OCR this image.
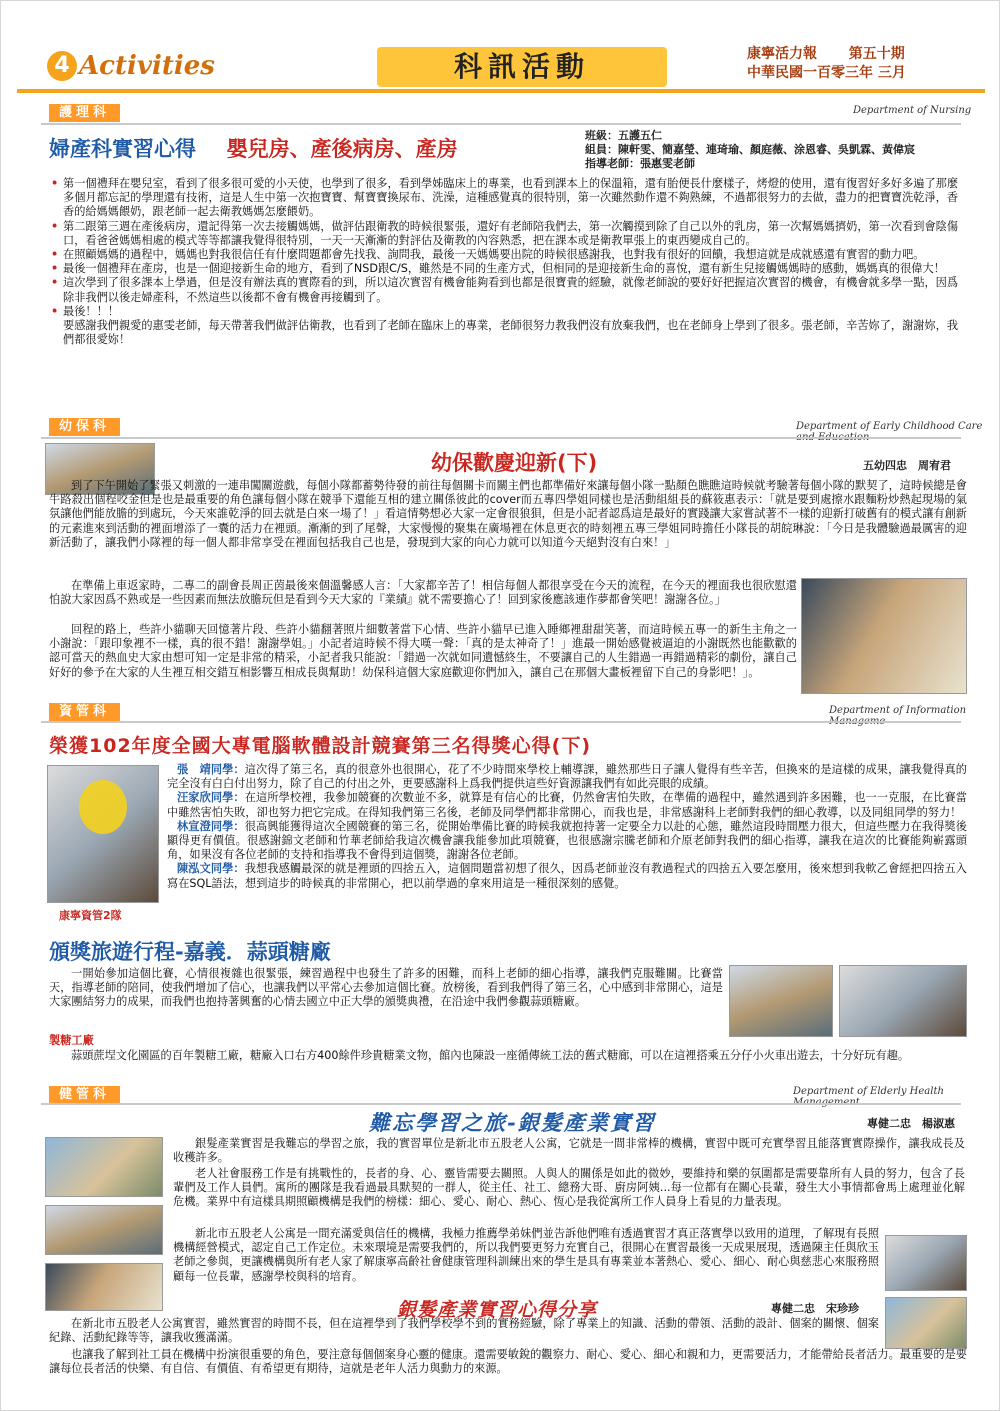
4 Activities	科訊活動	康寧活力報 第五十期
中華民國一百零三年 三月
護理科	Department of Nursing
婦產科實習心得 嬰兒房、產後病房、產房
班級：五護五仁
組員：陳軒雯、簡嘉瑩、連琦瑜、顏庭薇、涂恩睿、吳凱霖、黃偉宸
指導老師：張惠雯老師
• 第一個禮拜在嬰兒室，看到了很多很可愛的小天使，也學到了很多，看到學姊臨床上的專業，也看到課本上的保溫箱，還有胎便長什麼樣子，烤燈的使用，還有復習好多好多遍了那麼多個月都忘記的學理還有技術，這是人生中第一次抱寶寶、幫寶寶換尿布、洗澡，這種感覺真的很特別，第一次雖然動作還不夠熟練，不過都很努力的去做，盡力的把寶寶洗乾淨，香香的給媽媽餵奶，跟老師一起去衛教媽媽怎麼餵奶。
• 第二跟第三週在產後病房，還記得第一次去接觸媽媽，做評估跟衛教的時候很緊張，還好有老師陪我們去，第一次觸摸到除了自己以外的乳房，第一次幫媽媽擠奶，第一次看到會陰傷口，看爸爸媽媽相處的模式等等都讓我覺得很特別，一天一天漸漸的對評估及衛教的內容熟悉，把在課本或是衛教單張上的東西變成自己的。
• 在照顧媽媽的過程中，媽媽也對我很信任有什麼問題都會先找我、詢問我，最後一天媽媽要出院的時候很感謝我，也對我有很好的回饋，我想這就是成就感還有實習的動力吧。
• 最後一個禮拜在產房，也是一個迎接新生命的地方，看到了NSD跟C/S，雖然是不同的生產方式，但相同的是迎接新生命的喜悅，還有新生兒接觸媽媽時的感動，媽媽真的很偉大！
• 這次學到了很多課本上學過，但是沒有辦法真的實際看的到，所以這次實習有機會能夠看到也都是很寶貴的經驗，就像老師說的要好好把握這次實習的機會，有機會就多學一點，因爲除非我們以後走婦產科，不然這些以後都不會有機會再接觸到了。
• 最後！！！
要感謝我們親愛的惠雯老師，每天帶著我們做評估衛教，也看到了老師在臨床上的專業，老師很努力教我們沒有放棄我們，也在老師身上學到了很多。張老師，辛苦妳了，謝謝妳，我們都很愛妳！
幼保科	Department of Early Childhood Care
幼保歡慶迎新(下)	五幼四忠　周宥君
到了下午開始了緊張又刺激的一連串闖關遊戲，每個小隊都蓄勢待發的前往每個關卡而關主們也都準備好來讓每個小隊一點顏色瞧瞧這時候就考驗著每個小隊的默契了，這時候總是會牛路殺出個程咬金但是也是最重要的角色讓每個小隊在競爭下還能互相的建立關係彼此的cover而五專四學姐同樣也是活動組組長的蘇筱惠表示：「就是要到處擦水跟麵粉炒熱起現場的氣氛讓他們能放膽的到處玩，今天來誰乾淨的回去就是白來一場了！」看這情勢想必大家一定會很狼狽，但是小記者認爲這是最好的實踐讓大家嘗試著不一樣的迎新打破舊有的模式讓有創新的元素進來到活動的裡面增添了一囊的活力在裡頭。漸漸的到了尾聲，大家慢慢的聚集在廣場裡在休息更衣的時刻裡五專三學姐同時擔任小隊長的胡皖琳說：「今日是我體驗過最厲害的迎新活動了，讓我們小隊裡的每一個人都非常享受在裡面包括我自己也是，發現到大家的向心力就可以知道今天絕對沒有白來！」
在準備上車返家時，二專二的副會長周正茵最後來個溫馨感人言：「大家都辛苦了！相信每個人都很享受在今天的流程，在今天的裡面我也很欣慰還怕說大家因爲不熟或是一些因素而無法放膽玩但是看到今天大家的『業績』就不需要擔心了！回到家後應該連作夢都會笑吧！謝謝各位。」
回程的路上，些許小貓聊天回憶著片段、些許小貓翻著照片細數著當下心情、些許小貓早已進入睡鄉裡甜甜笑著，而這時候五專一的新生主角之一小謝說：「跟印象裡不一樣，真的很不錯！謝謝學姐。」小記者這時候不得大嘆一聲：「真的是太神奇了！」進最一開始感覺被逼迫的小謝既然也能歡歡的認可當天的熱血史大家由想可知一定是非常的精采，小記者我只能說：「錯過一次就如同遺憾終生，不要讓自己的人生錯過一再錯過精彩的劇份，讓自己好好的參予在大家的人生裡互相交錯互相影響互相成長與幫助！幼保科這個大家庭歡迎你們加入，讓自己在那個大畫板裡留下自己的身影吧！」。
資管科	Department of Information
榮獲102年度全國大專電腦軟體設計競賽第三名得獎心得(下)
康寧資管2隊
張　靖同學：這次得了第三名，真的很意外也很開心，花了不少時間來學校上輔導課，雖然那些日子讓人覺得有些辛苦，但換來的是這樣的成果，讓我覺得真的完全沒有白白付出努力，除了自己的付出之外，更要感謝科上爲我們提供這些好資源讓我們有如此亮眼的成績。
汪家欣同學：在這所學校裡，我參加競賽的次數並不多，就算是有信心的比賽，仍然會害怕失敗，在準備的過程中，雖然遇到許多困難，也一一克服，在比賽當中雖然害怕失敗，卻也努力把它完成。在得知我們第三名後，老師及同學們都非常開心，而我也是，非常感謝科上老師對我們的細心教導，以及同組同學的努力！
林宣澄同學：很高興能獲得這次全國競賽的第三名，從開始準備比賽的時候我就抱持著一定要全力以赴的心態，雖然這段時間壓力很大，但這些壓力在我得獎後顯得更有價值。很感謝錦文老師和竹華老師給我這次機會讓我能參加此項競賽，也很感謝宗騰老師和介原老師對我們的細心指導，讓我在這次的比賽能夠嶄露頭角，如果沒有各位老師的支持和指導我不會得到這個獎，謝謝各位老師。
陳泓文同學：我想我感觸最深的就是裡頭的四捨五入，這個問題當初想了很久，因爲老師並沒有教過程式的四捨五入要怎麼用，後來想到我軟乙會經把四捨五入寫在SQL語法，想到這步的時候真的非常開心，把以前學過的拿來用這是一種很深刻的感覺。
頒獎旅遊行程-嘉義．蒜頭糖廠
一開始參加這個比賽，心情很複雜也很緊張，練習過程中也發生了許多的困難，而科上老師的細心指導，讓我們克服難關。比賽當天，指導老師的陪同，使我們增加了信心，也讓我們以平常心去參加這個比賽。放榜後，看到我們得了第三名，心中感到非常開心，這是大家團結努力的成果，而我們也抱持著興奮的心情去國立中正大學的頒獎典禮，在沿途中我們參觀蒜頭糖廠。
製糖工廠
蒜頭蔗埕文化園區的百年製糖工廠，糖廠入口右方400餘件珍貴糖業文物，館內也陳設一座循傳統工法的舊式糖廊，可以在這裡搭乘五分仔小火車出遊去，十分好玩有趣。
健管科	Department of Elderly Health
難忘學習之旅-銀髮產業實習	專健二忠　楊淑惠
銀髮產業實習是我難忘的學習之旅，我的實習單位是新北市五股老人公寓，它就是一間非常棒的機構，實習中既可充實學習且能落實實際操作，讓我成長及收穫許多。
老人社會服務工作是有挑戰性的，長者的身、心、靈皆需要去關照。人與人的關係是如此的微妙，要維持和樂的氛圍都是需要靠所有人員的努力，包含了長輩們及工作人員們。寓所的團隊是我看過最具默契的一群人，從主任、社工、總務大哥、廚房阿姨...每一位都有在關心長輩，發生大小事情都會馬上處理並化解危機。業界中有這樣具期照顧機構是我們的榜樣：細心、愛心、耐心、熱心、恆心是我從寓所工作人員身上看見的力量表現。
新北市五股老人公寓是一間充滿愛與信任的機構，我極力推薦學弟妹們並告訴他們唯有透過實習才真正落實學以致用的道理，了解現有長照機構經營模式，認定自己工作定位。未來環境是需要我們的，所以我們要更努力充實自己，很開心在實習最後一天成果展現，透過陳主任與欣玉老師之參與，更讓機構與所有老人家了解康寧高齡社會健康管理科訓練出來的學生是具有專業並本著熱心、愛心、細心、耐心與慈悲心來服務照顧每一位長輩，感謝學校與科的培育。
銀髮產業實習心得分享	專健二忠　宋珍珍
在新北市五股老人公寓實習，雖然實習的時間不長，但在這裡學到了我們學校學不到的實務經驗，除了專業上的知識、活動的帶領、活動的設計、個案的關懷、個案紀錄、活動紀錄等等，讓我收獲滿滿。
也讓我了解到社工員在機構中扮演很重要的角色，要注意每個個案身心靈的健康。還需要敏銳的觀察力、耐心、愛心、細心和親和力，更需要活力，才能帶給長者活力。最重要的是要讓每位長者活的快樂、有自信、有價值、有希望更有期待，這就是老年人活力與動力的來源。
